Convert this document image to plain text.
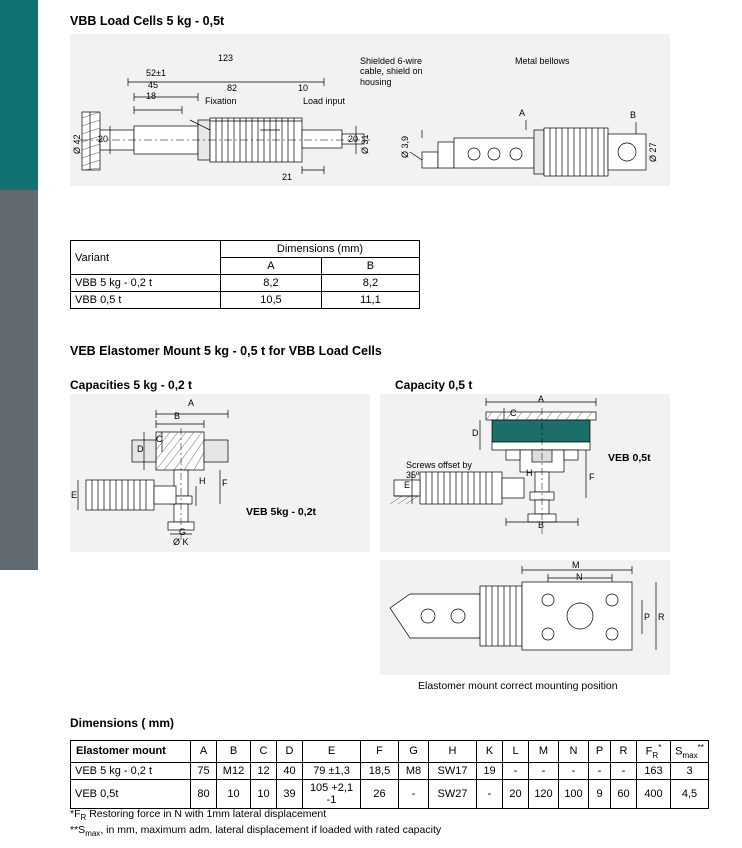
VBB Load Cells 5 kg - 0,5t
123
52±1
45
18
82	10
20	20
21
Ø 42
Fixation	Load input
Shielded 6-wire cable, shield on housing
Metal bellows
Ø 31	Ø 3,9	Ø 27
A	B
Variant	Dimensions (mm)	
	A	B
VBB 5 kg - 0,2 t	8,2	8,2
VBB 0,5 t	10,5	11,1
VEB Elastomer Mount 5 kg - 0,5 t for VBB Load Cells
Capacities 5 kg - 0,2 t	Capacity 0,5 t
A
B
C
D
E
F
H
G
Ø K
VEB 5kg - 0,2t
A
C
D
E
F
H
B
Screws offset by 35º
VEB 0,5t
M
N
P R
Elastomer mount correct mounting position
Dimensions ( mm)
Elastomer mount	A	B	C	D	E	F	G	H	K	L	M	N	P	R	$F_R^*$	$S_{max}^{**}$
VEB 5 kg - 0,2 t	75	M12	12	40	79 ±1,3	18,5	M8	SW17	19	-	-	-	-	-	163	3
VEB 0,5t	80	10	10	39	105 +2,1 -1	26	-	SW27	-	20	120	100	9	60	400	4,5
$*F_R$ Restoring force in N with 1mm lateral displacement
$**S_{max}$, in mm, maximum adm. lateral displacement if loaded with rated capacity
